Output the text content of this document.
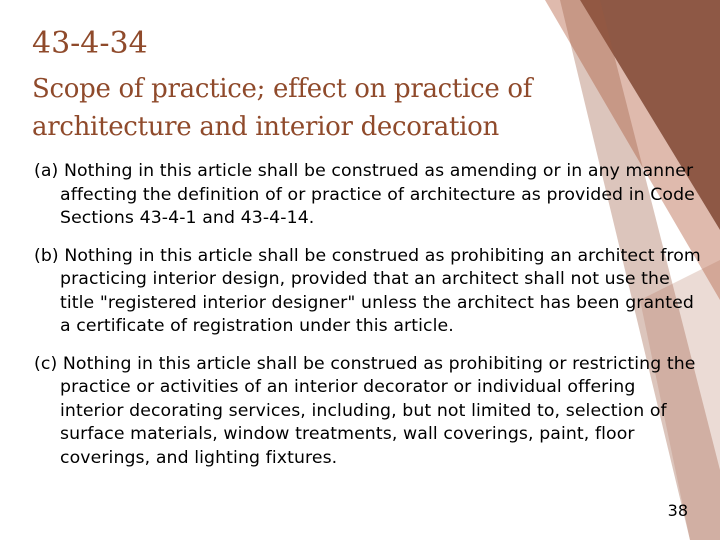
43-4-34
Scope of practice; effect on practice of architecture and interior decoration

(a) Nothing in this article shall be construed as amending or in any manner affecting the definition of or practice of architecture as provided in Code Sections 43-4-1 and 43-4-14.

(b) Nothing in this article shall be construed as prohibiting an architect from practicing interior design, provided that an architect shall not use the title "registered interior designer" unless the architect has been granted a certificate of registration under this article.

(c) Nothing in this article shall be construed as prohibiting or restricting the practice or activities of an interior decorator or individual offering interior decorating services, including, but not limited to, selection of surface materials, window treatments, wall coverings, paint, floor coverings, and lighting fixtures.

38
